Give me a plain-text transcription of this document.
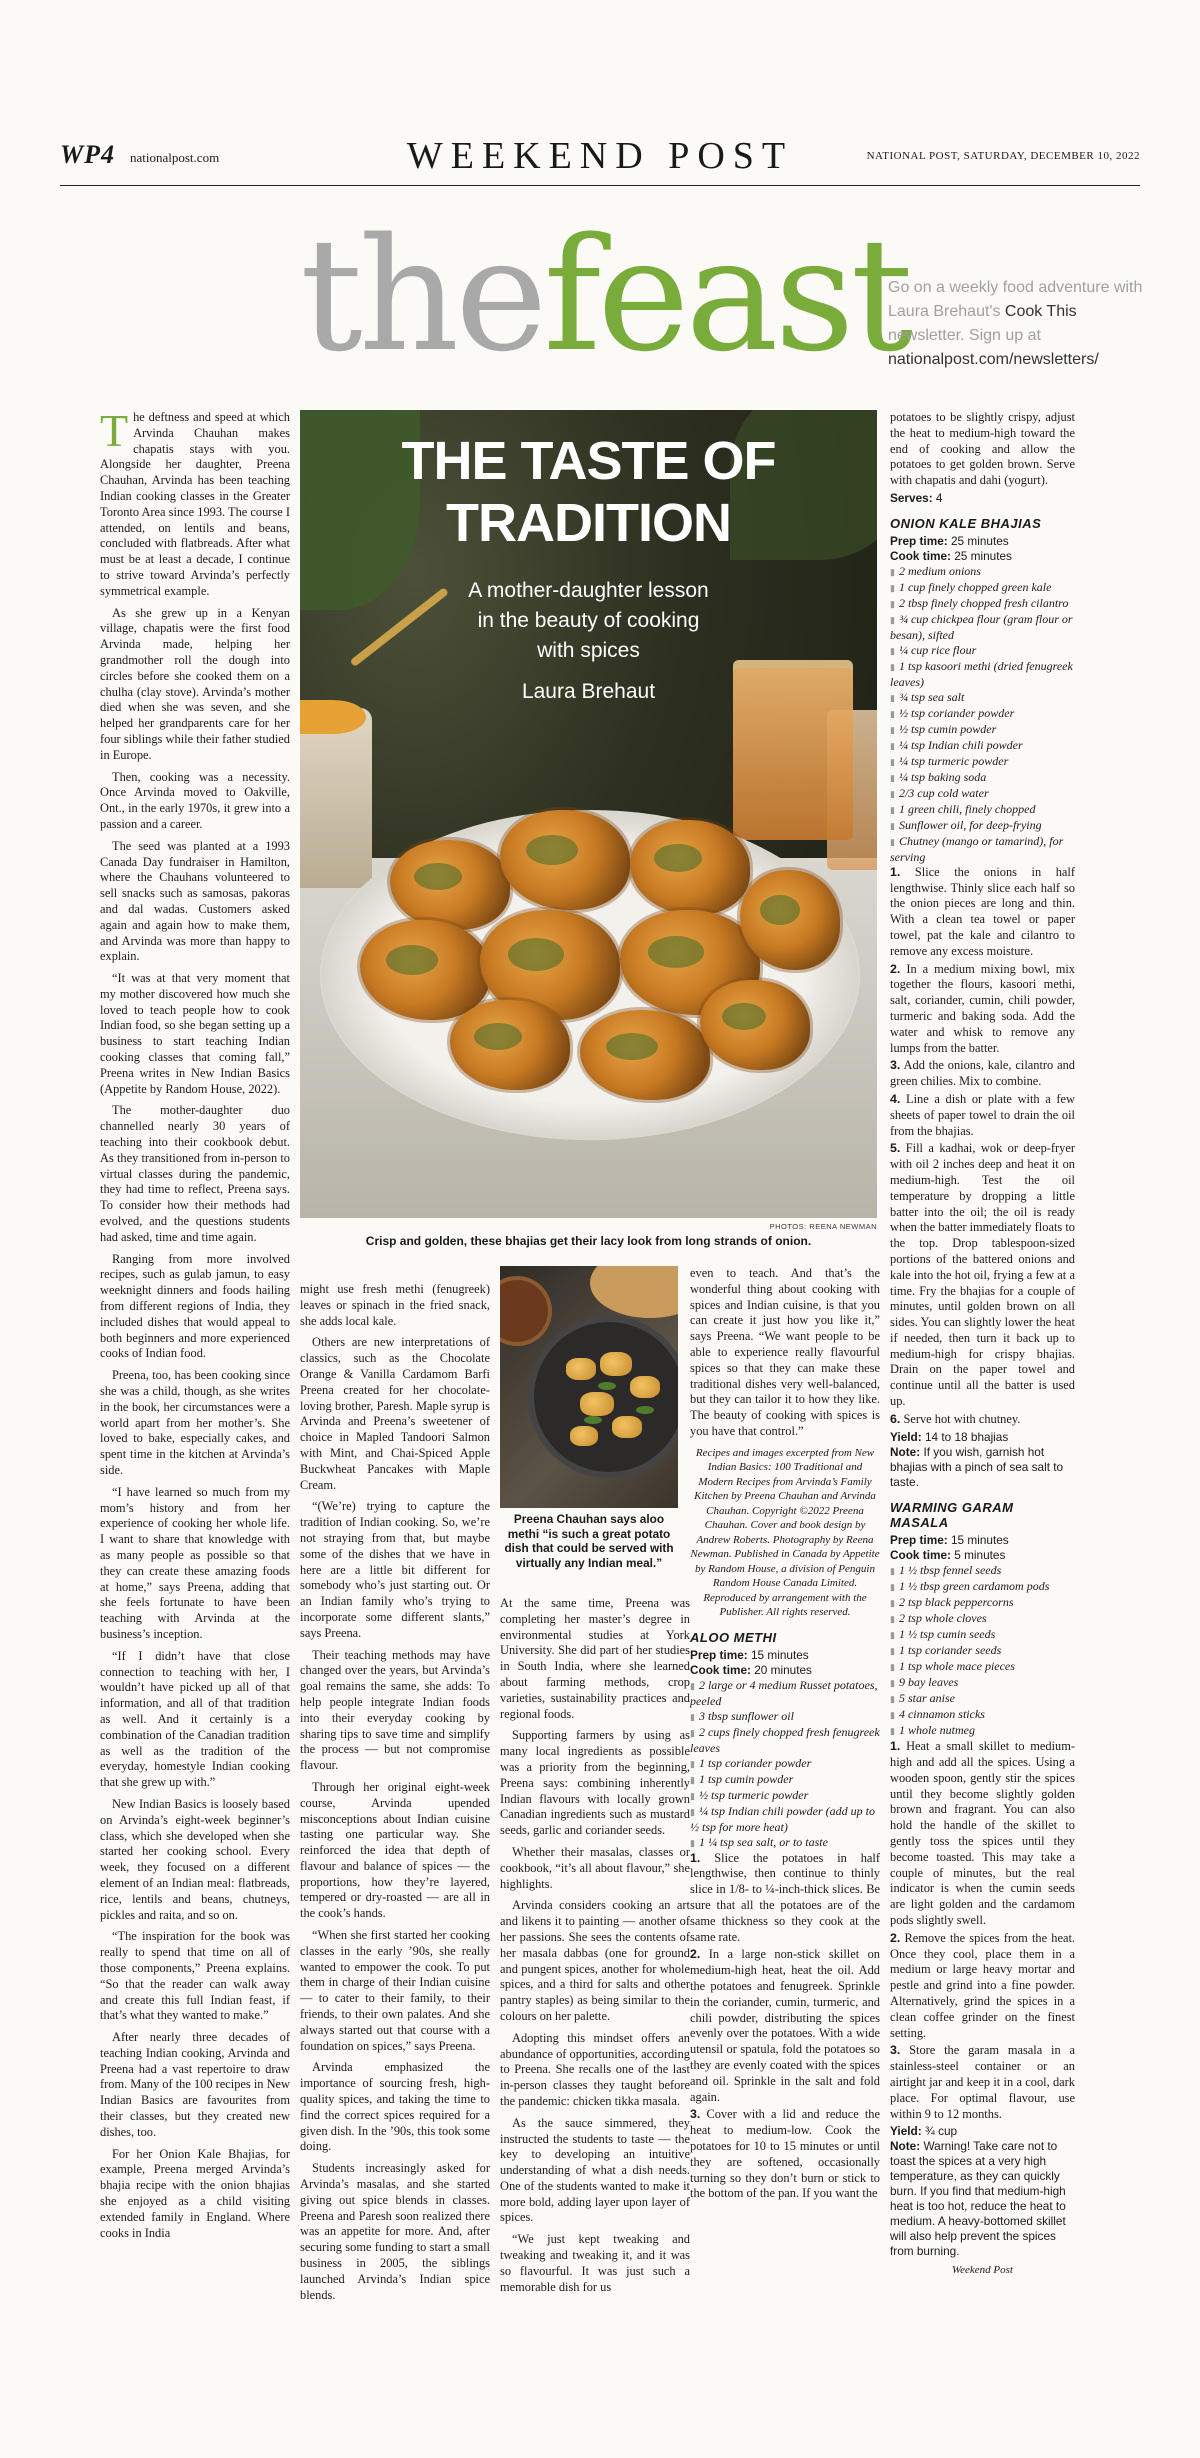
WP4 nationalpost.com	WEEKEND POST	NATIONAL POST, SATURDAY, DECEMBER 10, 2022
thefeast
Go on a weekly food adventure with Laura Brehaut's Cook This newsletter. Sign up at nationalpost.com/newsletters/
THE TASTE OF TRADITION
A mother-daughter lesson in the beauty of cooking with spices
Laura Brehaut
PHOTOS: REENA NEWMAN
Crisp and golden, these bhajias get their lacy look from long strands of onion.

The deftness and speed at which Arvinda Chauhan makes chapatis stays with you. Alongside her daughter, Preena Chauhan, Arvinda has been teaching Indian cooking classes in the Greater Toronto Area since 1993. The course I attended, on lentils and beans, concluded with flatbreads. After what must be at least a decade, I continue to strive toward Arvinda’s perfectly symmetrical example.

As she grew up in a Kenyan village, chapatis were the first food Arvinda made, helping her grandmother roll the dough into circles before she cooked them on a chulha (clay stove). Arvinda’s mother died when she was seven, and she helped her grandparents care for her four siblings while their father studied in Europe.

Then, cooking was a necessity. Once Arvinda moved to Oakville, Ont., in the early 1970s, it grew into a passion and a career.

The seed was planted at a 1993 Canada Day fundraiser in Hamilton, where the Chauhans volunteered to sell snacks such as samosas, pakoras and dal wadas. Customers asked again and again how to make them, and Arvinda was more than happy to explain.

“It was at that very moment that my mother discovered how much she loved to teach people how to cook Indian food, so she began setting up a business to start teaching Indian cooking classes that coming fall,” Preena writes in New Indian Basics (Appetite by Random House, 2022).

The mother-daughter duo channelled nearly 30 years of teaching into their cookbook debut. As they transitioned from in-person to virtual classes during the pandemic, they had time to reflect, Preena says. To consider how their methods had evolved, and the questions students had asked, time and time again.

Ranging from more involved recipes, such as gulab jamun, to easy weeknight dinners and foods hailing from different regions of India, they included dishes that would appeal to both beginners and more experienced cooks of Indian food.

Preena, too, has been cooking since she was a child, though, as she writes in the book, her circumstances were a world apart from her mother’s. She loved to bake, especially cakes, and spent time in the kitchen at Arvinda’s side.

“I have learned so much from my mom’s history and from her experience of cooking her whole life. I want to share that knowledge with as many people as possible so that they can create these amazing foods at home,” says Preena, adding that she feels fortunate to have been teaching with Arvinda at the business’s inception.

“If I didn’t have that close connection to teaching with her, I wouldn’t have picked up all of that information, and all of that tradition as well. And it certainly is a combination of the Canadian tradition as well as the tradition of the everyday, homestyle Indian cooking that she grew up with.”

New Indian Basics is loosely based on Arvinda’s eight-week beginner’s class, which she developed when she started her cooking school. Every week, they focused on a different element of an Indian meal: flatbreads, rice, lentils and beans, chutneys, pickles and raita, and so on.

“The inspiration for the book was really to spend that time on all of those components,” Preena explains. “So that the reader can walk away and create this full Indian feast, if that’s what they wanted to make.”

After nearly three decades of teaching Indian cooking, Arvinda and Preena had a vast repertoire to draw from. Many of the 100 recipes in New Indian Basics are favourites from their classes, but they created new dishes, too.

For her Onion Kale Bhajias, for example, Preena merged Arvinda’s bhajia recipe with the onion bhajias she enjoyed as a child visiting extended family in England. Where cooks in India

might use fresh methi (fenugreek) leaves or spinach in the fried snack, she adds local kale.

Others are new interpretations of classics, such as the Chocolate Orange & Vanilla Cardamom Barfi Preena created for her chocolate-loving brother, Paresh. Maple syrup is Arvinda and Preena’s sweetener of choice in Mapled Tandoori Salmon with Mint, and Chai-Spiced Apple Buckwheat Pancakes with Maple Cream.

“(We’re) trying to capture the tradition of Indian cooking. So, we’re not straying from that, but maybe some of the dishes that we have in here are a little bit different for somebody who’s just starting out. Or an Indian family who’s trying to incorporate some different slants,” says Preena.

Their teaching methods may have changed over the years, but Arvinda’s goal remains the same, she adds: To help people integrate Indian foods into their everyday cooking by sharing tips to save time and simplify the process — but not compromise flavour.

Through her original eight-week course, Arvinda upended misconceptions about Indian cuisine tasting one particular way. She reinforced the idea that depth of flavour and balance of spices — the proportions, how they’re layered, tempered or dry-roasted — are all in the cook’s hands.

“When she first started her cooking classes in the early ’90s, she really wanted to empower the cook. To put them in charge of their Indian cuisine — to cater to their family, to their friends, to their own palates. And she always started out that course with a foundation on spices,” says Preena.

Arvinda emphasized the importance of sourcing fresh, high-quality spices, and taking the time to find the correct spices required for a given dish. In the ’90s, this took some doing.

Students increasingly asked for Arvinda’s masalas, and she started giving out spice blends in classes. Preena and Paresh soon realized there was an appetite for more. And, after securing some funding to start a small business in 2005, the siblings launched Arvinda’s Indian spice blends.

Preena Chauhan says aloo methi “is such a great potato dish that could be served with virtually any Indian meal.”

At the same time, Preena was completing her master’s degree in environmental studies at York University. She did part of her studies in South India, where she learned about farming methods, crop varieties, sustainability practices and regional foods.

Supporting farmers by using as many local ingredients as possible was a priority from the beginning, Preena says: combining inherently Indian flavours with locally grown Canadian ingredients such as mustard seeds, garlic and coriander seeds.

Whether their masalas, classes or cookbook, “it’s all about flavour,” she highlights.

Arvinda considers cooking an art and likens it to painting — another of her passions. She sees the contents of her masala dabbas (one for ground and pungent spices, another for whole spices, and a third for salts and other pantry staples) as being similar to the colours on her palette.

Adopting this mindset offers an abundance of opportunities, according to Preena. She recalls one of the last in-person classes they taught before the pandemic: chicken tikka masala.

As the sauce simmered, they instructed the students to taste — the key to developing an intuitive understanding of what a dish needs. One of the students wanted to make it more bold, adding layer upon layer of spices.

“We just kept tweaking and tweaking and tweaking it, and it was so flavourful. It was just such a memorable dish for us

even to teach. And that’s the wonderful thing about cooking with spices and Indian cuisine, is that you can create it just how you like it,” says Preena. “We want people to be able to experience really flavourful spices so that they can make these traditional dishes very well-balanced, but they can tailor it to how they like. The beauty of cooking with spices is you have that control.”

Recipes and images excerpted from New Indian Basics: 100 Traditional and Modern Recipes from Arvinda’s Family Kitchen by Preena Chauhan and Arvinda Chauhan. Copyright ©2022 Preena Chauhan. Cover and book design by Andrew Roberts. Photography by Reena Newman. Published in Canada by Appetite by Random House, a division of Penguin Random House Canada Limited. Reproduced by arrangement with the Publisher. All rights reserved.
ALOO METHI
Prep time: 15 minutes
Cook time: 20 minutes
▮ 2 large or 4 medium Russet potatoes, peeled
▮ 3 tbsp sunflower oil
▮ 2 cups finely chopped fresh fenugreek leaves
▮ 1 tsp coriander powder
▮ 1 tsp cumin powder
▮ ½ tsp turmeric powder
▮ ¼ tsp Indian chili powder (add up to ½ tsp for more heat)
▮ 1 ¼ tsp sea salt, or to taste
1. Slice the potatoes in half lengthwise, then continue to thinly slice in 1/8- to ¼-inch-thick slices. Be sure that all the potatoes are of the same thickness so they cook at the same rate.
2. In a large non-stick skillet on medium-high heat, heat the oil. Add the potatoes and fenugreek. Sprinkle in the coriander, cumin, turmeric, and chili powder, distributing the spices evenly over the potatoes. With a wide utensil or spatula, fold the potatoes so they are evenly coated with the spices and oil. Sprinkle in the salt and fold again.
3. Cover with a lid and reduce the heat to medium-low. Cook the potatoes for 10 to 15 minutes or until they are softened, occasionally turning so they don’t burn or stick to the bottom of the pan. If you want the
potatoes to be slightly crispy, adjust the heat to medium-high toward the end of cooking and allow the potatoes to get golden brown. Serve with chapatis and dahi (yogurt).
Serves: 4
ONION KALE BHAJIAS
Prep time: 25 minutes
Cook time: 25 minutes
▮ 2 medium onions
▮ 1 cup finely chopped green kale
▮ 2 tbsp finely chopped fresh cilantro
▮ ¾ cup chickpea flour (gram flour or besan), sifted
▮ ¼ cup rice flour
▮ 1 tsp kasoori methi (dried fenugreek leaves)
▮ ¾ tsp sea salt
▮ ½ tsp coriander powder
▮ ½ tsp cumin powder
▮ ¼ tsp Indian chili powder
▮ ¼ tsp turmeric powder
▮ ¼ tsp baking soda
▮ 2/3 cup cold water
▮ 1 green chili, finely chopped
▮ Sunflower oil, for deep-frying
▮ Chutney (mango or tamarind), for serving
1. Slice the onions in half lengthwise. Thinly slice each half so the onion pieces are long and thin. With a clean tea towel or paper towel, pat the kale and cilantro to remove any excess moisture.
2. In a medium mixing bowl, mix together the flours, kasoori methi, salt, coriander, cumin, chili powder, turmeric and baking soda. Add the water and whisk to remove any lumps from the batter.
3. Add the onions, kale, cilantro and green chilies. Mix to combine.
4. Line a dish or plate with a few sheets of paper towel to drain the oil from the bhajias.
5. Fill a kadhai, wok or deep-fryer with oil 2 inches deep and heat it on medium-high. Test the oil temperature by dropping a little batter into the oil; the oil is ready when the batter immediately floats to the top. Drop tablespoon-sized portions of the battered onions and kale into the hot oil, frying a few at a time. Fry the bhajias for a couple of minutes, until golden brown on all sides. You can slightly lower the heat if needed, then turn it back up to medium-high for crispy bhajias. Drain on the paper towel and continue until all the batter is used up.
6. Serve hot with chutney.
Yield: 14 to 18 bhajias
Note: If you wish, garnish hot bhajias with a pinch of sea salt to taste.
WARMING GARAM MASALA
Prep time: 15 minutes
Cook time: 5 minutes
▮ 1 ½ tbsp fennel seeds
▮ 1 ½ tbsp green cardamom pods
▮ 2 tsp black peppercorns
▮ 2 tsp whole cloves
▮ 1 ½ tsp cumin seeds
▮ 1 tsp coriander seeds
▮ 1 tsp whole mace pieces
▮ 9 bay leaves
▮ 5 star anise
▮ 4 cinnamon sticks
▮ 1 whole nutmeg
1. Heat a small skillet to medium-high and add all the spices. Using a wooden spoon, gently stir the spices until they become slightly golden brown and fragrant. You can also hold the handle of the skillet to gently toss the spices until they become toasted. This may take a couple of minutes, but the real indicator is when the cumin seeds are light golden and the cardamom pods slightly swell.
2. Remove the spices from the heat. Once they cool, place them in a medium or large heavy mortar and pestle and grind into a fine powder. Alternatively, grind the spices in a clean coffee grinder on the finest setting.
3. Store the garam masala in a stainless-steel container or an airtight jar and keep it in a cool, dark place. For optimal flavour, use within 9 to 12 months.
Yield: ¾ cup
Note: Warning! Take care not to toast the spices at a very high temperature, as they can quickly burn. If you find that medium-high heat is too hot, reduce the heat to medium. A heavy-bottomed skillet will also help prevent the spices from burning.
Weekend Post
